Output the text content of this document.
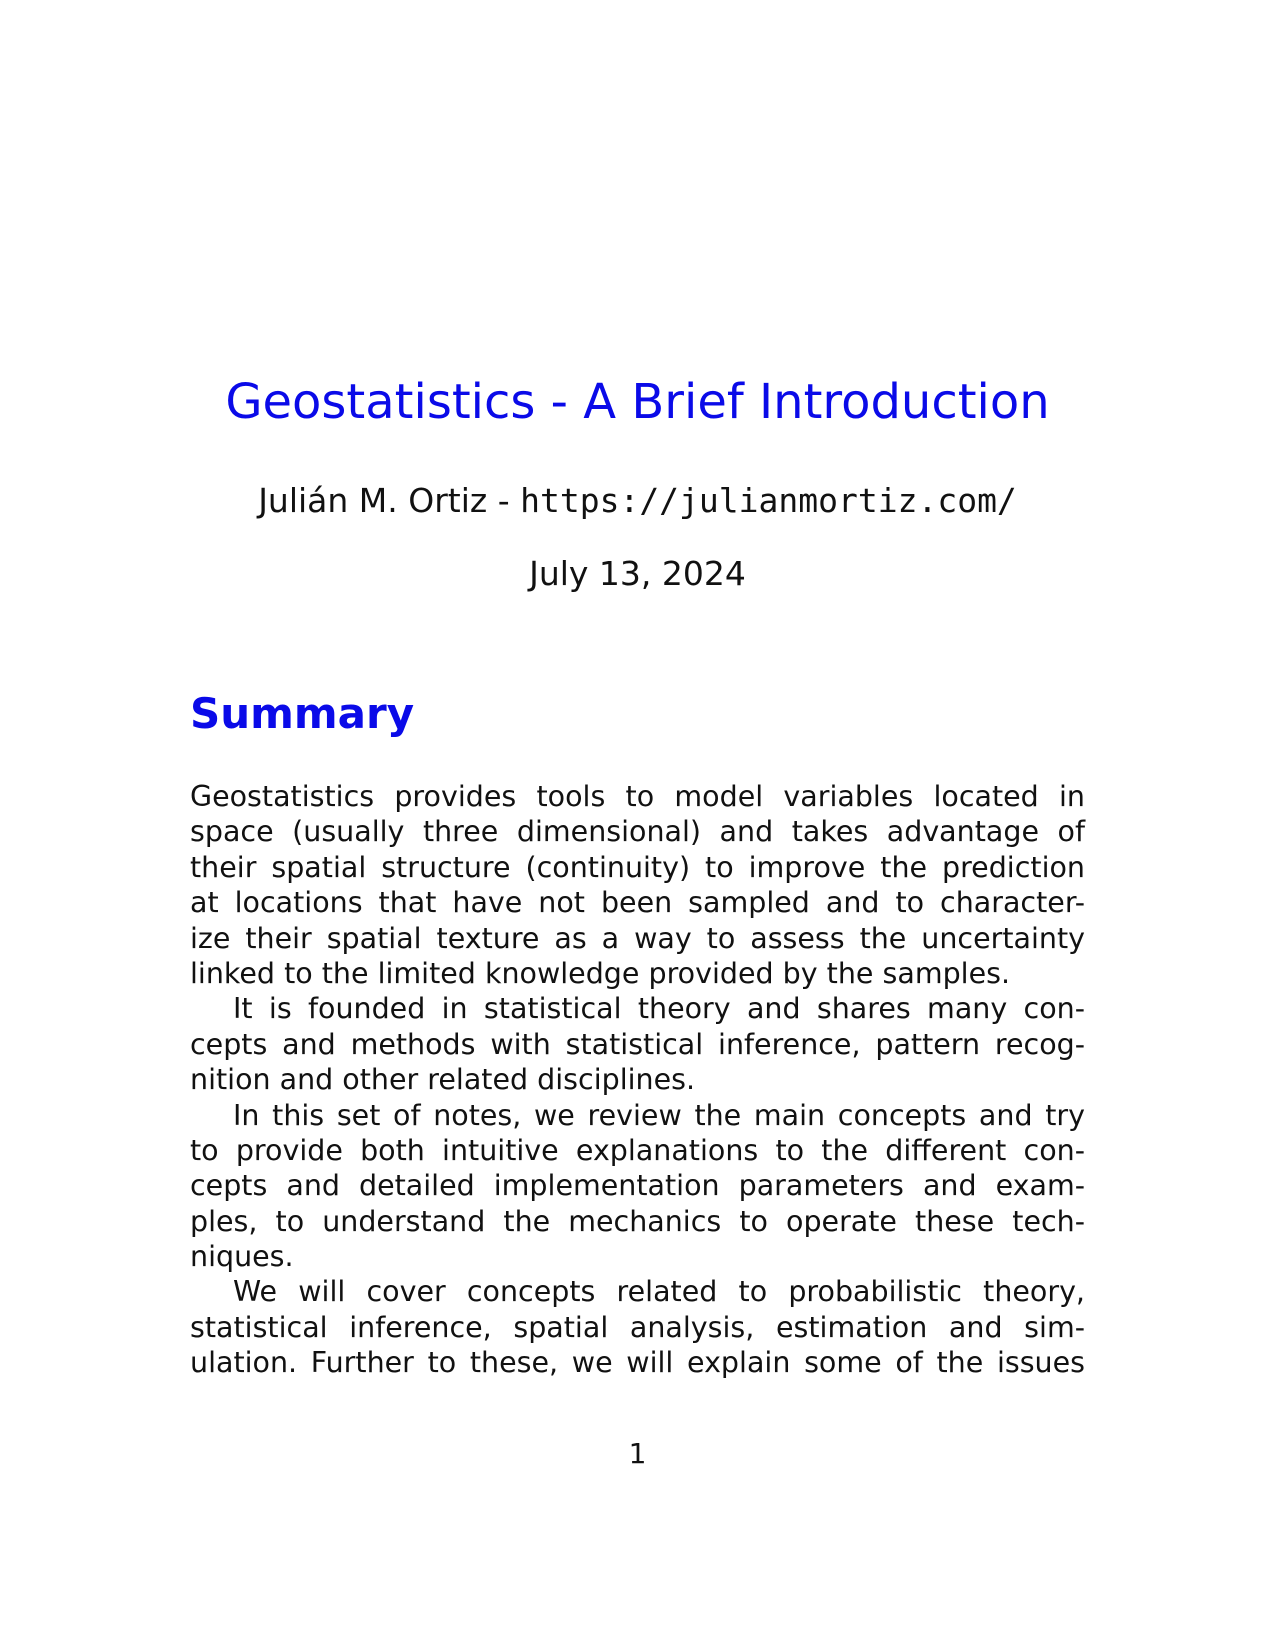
Geostatistics - A Brief Introduction
Julián M. Ortiz - https://julianmortiz.com/
July 13, 2024
Summary
Geostatistics provides tools to model variables located in
space (usually three dimensional) and takes advantage of
their spatial structure (continuity) to improve the prediction
at locations that have not been sampled and to character-
ize their spatial texture as a way to assess the uncertainty
linked to the limited knowledge provided by the samples.
It is founded in statistical theory and shares many con-
cepts and methods with statistical inference, pattern recog-
nition and other related disciplines.
In this set of notes, we review the main concepts and try
to provide both intuitive explanations to the different con-
cepts and detailed implementation parameters and exam-
ples, to understand the mechanics to operate these tech-
niques.
We will cover concepts related to probabilistic theory,
statistical inference, spatial analysis, estimation and sim-
ulation. Further to these, we will explain some of the issues
1
